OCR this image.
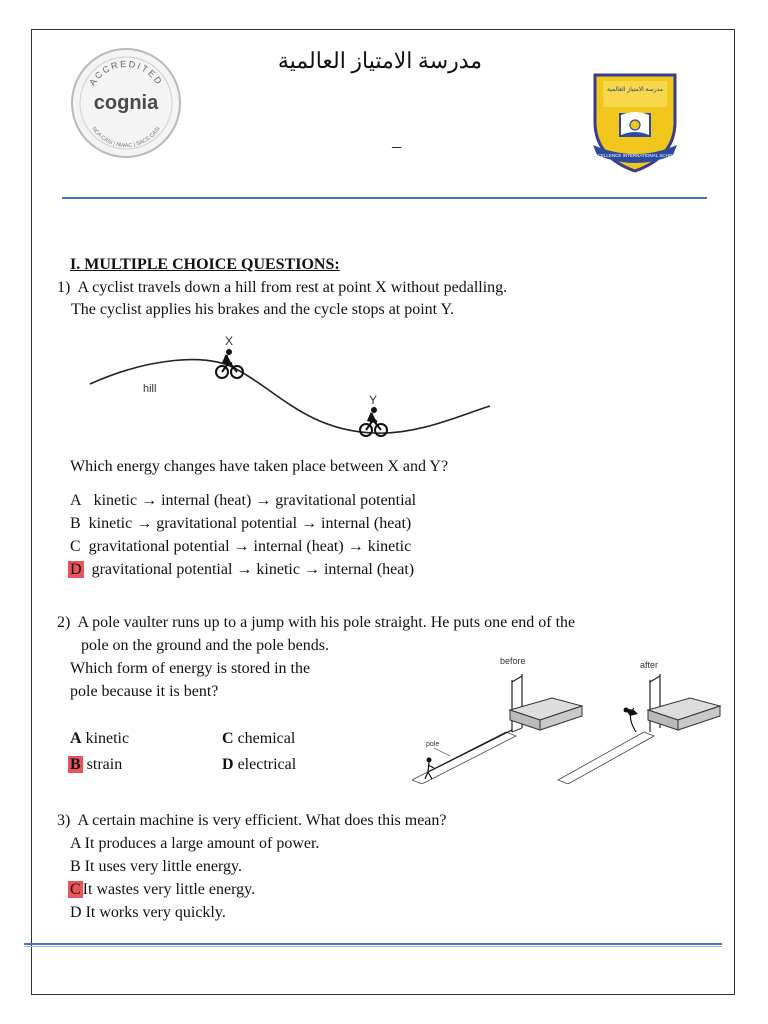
مدرسة الامتياز العالمية
–
ACCREDITED
cognia
NCA CASI | NWAC | SACS CASI
مدرسة الامتياز العالمية
EXCELLENCE INTERNATIONAL SCHOOL
I. MULTIPLE CHOICE QUESTIONS:
1) A cyclist travels down a hill from rest at point X without pedalling.
The cyclist applies his brakes and the cycle stops at point Y.
hill
X
Y
Which energy changes have taken place between X and Y?
A kinetic → internal (heat) → gravitational potential
B kinetic → gravitational potential → internal (heat)
C gravitational potential → internal (heat) → kinetic
D gravitational potential → kinetic → internal (heat)
2) A pole vaulter runs up to a jump with his pole straight. He puts one end of the
pole on the ground and the pole bends.
Which form of energy is stored in the
pole because it is bent?
A kinetic	C chemical
B strain	D electrical
before	after
pole
3) A certain machine is very efficient. What does this mean?
A It produces a large amount of power.
B It uses very little energy.
C It wastes very little energy.
D It works very quickly.
